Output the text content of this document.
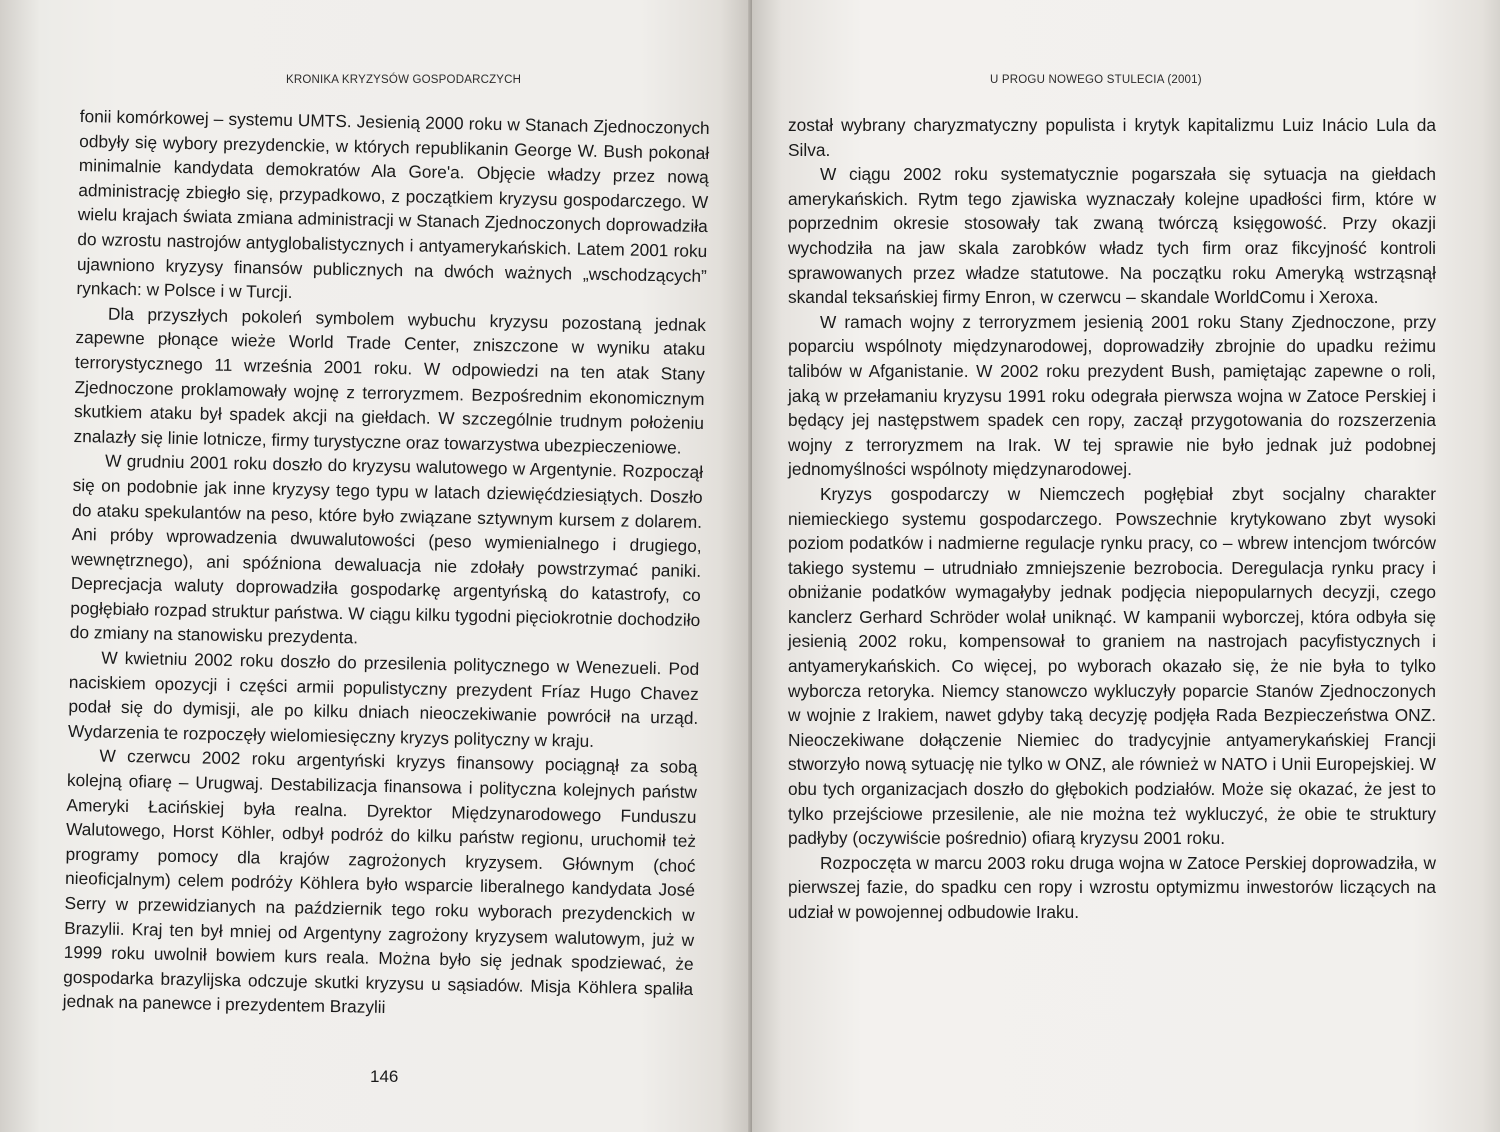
KRONIKA KRYZYSÓW GOSPODARCZYCH

fonii komórkowej – systemu UMTS. Jesienią 2000 roku w Stanach Zjednoczonych odbyły się wybory prezydenckie, w których republikanin George W. Bush pokonał minimalnie kandydata demokratów Ala Gore'a. Objęcie władzy przez nową administrację zbiegło się, przypadkowo, z początkiem kryzysu gospodarczego. W wielu krajach świata zmiana administracji w Stanach Zjednoczonych doprowadziła do wzrostu nastrojów antyglobalistycznych i antyamerykańskich. Latem 2001 roku ujawniono kryzysy finansów publicznych na dwóch ważnych „wschodzących” rynkach: w Polsce i w Turcji.

Dla przyszłych pokoleń symbolem wybuchu kryzysu pozostaną jednak zapewne płonące wieże World Trade Center, zniszczone w wyniku ataku terrorystycznego 11 września 2001 roku. W odpowiedzi na ten atak Stany Zjednoczone proklamowały wojnę z terroryzmem. Bezpośrednim ekonomicznym skutkiem ataku był spadek akcji na giełdach. W szczególnie trudnym położeniu znalazły się linie lotnicze, firmy turystyczne oraz towarzystwa ubezpieczeniowe.

W grudniu 2001 roku doszło do kryzysu walutowego w Argentynie. Rozpoczął się on podobnie jak inne kryzysy tego typu w latach dziewięćdziesiątych. Doszło do ataku spekulantów na peso, które było związane sztywnym kursem z dolarem. Ani próby wprowadzenia dwuwalutowości (peso wymienialnego i drugiego, wewnętrznego), ani spóźniona dewaluacja nie zdołały powstrzymać paniki. Deprecjacja waluty doprowadziła gospodarkę argentyńską do katastrofy, co pogłębiało rozpad struktur państwa. W ciągu kilku tygodni pięciokrotnie dochodziło do zmiany na stanowisku prezydenta.

W kwietniu 2002 roku doszło do przesilenia politycznego w Wenezueli. Pod naciskiem opozycji i części armii populistyczny prezydent Fríaz Hugo Chavez podał się do dymisji, ale po kilku dniach nieoczekiwanie powrócił na urząd. Wydarzenia te rozpoczęły wielomiesięczny kryzys polityczny w kraju.

W czerwcu 2002 roku argentyński kryzys finansowy pociągnął za sobą kolejną ofiarę – Urugwaj. Destabilizacja finansowa i polityczna kolejnych państw Ameryki Łacińskiej była realna. Dyrektor Międzynarodowego Funduszu Walutowego, Horst Köhler, odbył podróż do kilku państw regionu, uruchomił też programy pomocy dla krajów zagrożonych kryzysem. Głównym (choć nieoficjalnym) celem podróży Köhlera było wsparcie liberalnego kandydata José Serry w przewidzianych na październik tego roku wyborach prezydenckich w Brazylii. Kraj ten był mniej od Argentyny zagrożony kryzysem walutowym, już w 1999 roku uwolnił bowiem kurs reala. Można było się jednak spodziewać, że gospodarka brazylijska odczuje skutki kryzysu u sąsiadów. Misja Köhlera spaliła jednak na panewce i prezydentem Brazylii

146
U PROGU NOWEGO STULECIA (2001)

został wybrany charyzmatyczny populista i krytyk kapitalizmu Luiz Inácio Lula da Silva.

W ciągu 2002 roku systematycznie pogarszała się sytuacja na giełdach amerykańskich. Rytm tego zjawiska wyznaczały kolejne upadłości firm, które w poprzednim okresie stosowały tak zwaną twórczą księgowość. Przy okazji wychodziła na jaw skala zarobków władz tych firm oraz fikcyjność kontroli sprawowanych przez władze statutowe. Na początku roku Ameryką wstrząsnął skandal teksańskiej firmy Enron, w czerwcu – skandale WorldComu i Xeroxa.

W ramach wojny z terroryzmem jesienią 2001 roku Stany Zjednoczone, przy poparciu wspólnoty międzynarodowej, doprowadziły zbrojnie do upadku reżimu talibów w Afganistanie. W 2002 roku prezydent Bush, pamiętając zapewne o roli, jaką w przełamaniu kryzysu 1991 roku odegrała pierwsza wojna w Zatoce Perskiej i będący jej następstwem spadek cen ropy, zaczął przygotowania do rozszerzenia wojny z terroryzmem na Irak. W tej sprawie nie było jednak już podobnej jednomyślności wspólnoty międzynarodowej.

Kryzys gospodarczy w Niemczech pogłębiał zbyt socjalny charakter niemieckiego systemu gospodarczego. Powszechnie krytykowano zbyt wysoki poziom podatków i nadmierne regulacje rynku pracy, co – wbrew intencjom twórców takiego systemu – utrudniało zmniejszenie bezrobocia. Deregulacja rynku pracy i obniżanie podatków wymagałyby jednak podjęcia niepopularnych decyzji, czego kanclerz Gerhard Schröder wolał uniknąć. W kampanii wyborczej, która odbyła się jesienią 2002 roku, kompensował to graniem na nastrojach pacyfistycznych i antyamerykańskich. Co więcej, po wyborach okazało się, że nie była to tylko wyborcza retoryka. Niemcy stanowczo wykluczyły poparcie Stanów Zjednoczonych w wojnie z Irakiem, nawet gdyby taką decyzję podjęła Rada Bezpieczeństwa ONZ. Nieoczekiwane dołączenie Niemiec do tradycyjnie antyamerykańskiej Francji stworzyło nową sytuację nie tylko w ONZ, ale również w NATO i Unii Europejskiej. W obu tych organizacjach doszło do głębokich podziałów. Może się okazać, że jest to tylko przejściowe przesilenie, ale nie można też wykluczyć, że obie te struktury padłyby (oczywiście pośrednio) ofiarą kryzysu 2001 roku.

Rozpoczęta w marcu 2003 roku druga wojna w Zatoce Perskiej doprowadziła, w pierwszej fazie, do spadku cen ropy i wzrostu optymizmu inwestorów liczących na udział w powojennej odbudowie Iraku.
